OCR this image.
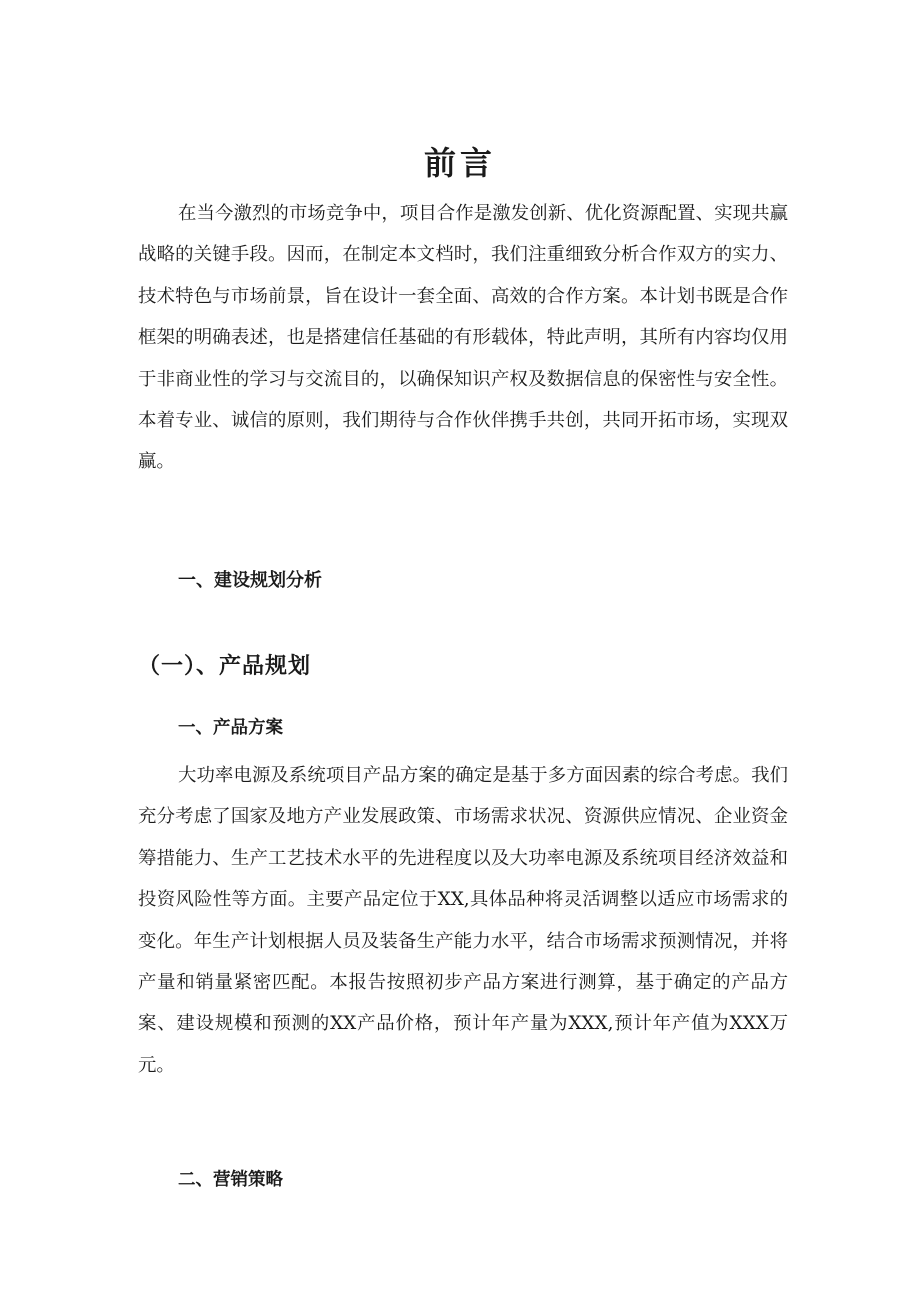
前言

在当今激烈的市场竞争中，项目合作是激发创新、优化资源配置、实现共赢战略的关键手段。因而，在制定本文档时，我们注重细致分析合作双方的实力、技术特色与市场前景，旨在设计一套全面、高效的合作方案。本计划书既是合作框架的明确表述，也是搭建信任基础的有形载体，特此声明，其所有内容均仅用于非商业性的学习与交流目的，以确保知识产权及数据信息的保密性与安全性。本着专业、诚信的原则，我们期待与合作伙伴携手共创，共同开拓市场，实现双赢。

一、建设规划分析
（一）、产品规划
一、产品方案

大功率电源及系统项目产品方案的确定是基于多方面因素的综合考虑。我们充分考虑了国家及地方产业发展政策、市场需求状况、资源供应情况、企业资金筹措能力、生产工艺技术水平的先进程度以及大功率电源及系统项目经济效益和投资风险性等方面。主要产品定位于XX,具体品种将灵活调整以适应市场需求的变化。年生产计划根据人员及装备生产能力水平，结合市场需求预测情况，并将产量和销量紧密匹配。本报告按照初步产品方案进行测算，基于确定的产品方案、建设规模和预测的XX产品价格，预计年产量为XXX,预计年产值为XXX万元。

二、营销策略
